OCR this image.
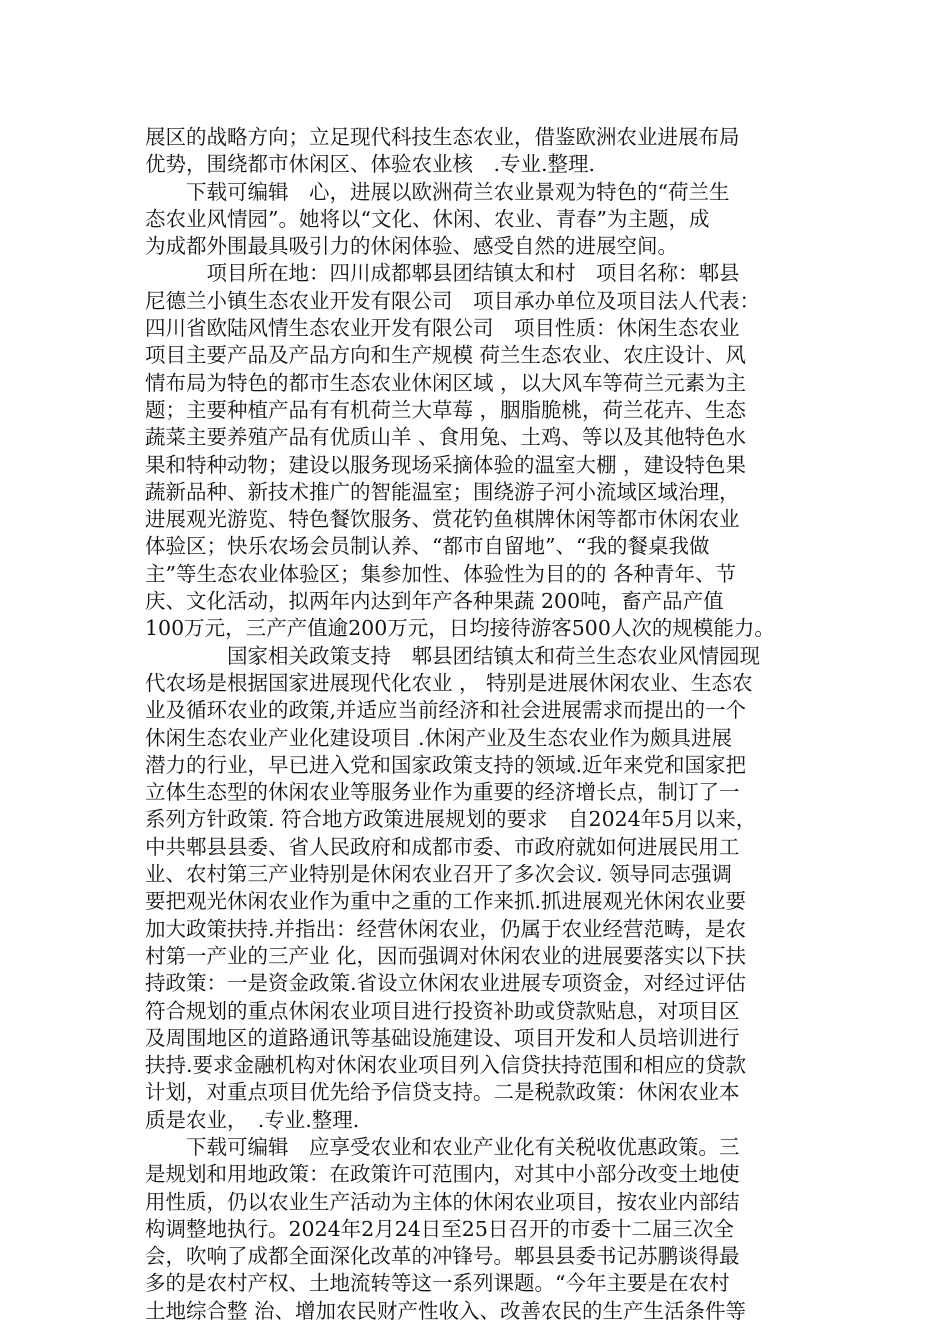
展区的战略方向；立足现代科技生态农业，借鉴欧洲农业进展布局
优势，围绕都市休闲区、体验农业核　.专业.整理.
　　下载可编辑　心，进展以欧洲荷兰农业景观为特色的“荷兰生
态农业风情园”。她将以“文化、休闲、农业、青春”为主题，成
为成都外围最具吸引力的休闲体验、感受自然的进展空间。
　　　项目所在地：四川成都郫县团结镇太和村　项目名称：郫县
尼德兰小镇生态农业开发有限公司　项目承办单位及项目法人代表：
四川省欧陆风情生态农业开发有限公司　项目性质：休闲生态农业
项目主要产品及产品方向和生产规模 荷兰生态农业、农庄设计、风
情布局为特色的都市生态农业休闲区域 ，以大风车等荷兰元素为主
题；主要种植产品有有机荷兰大草莓 ，胭脂脆桃，荷兰花卉、生态
蔬菜主要养殖产品有优质山羊 、食用兔、土鸡、等以及其他特色水
果和特种动物；建设以服务现场采摘体验的温室大棚 ，建设特色果
蔬新品种、新技术推广的智能温室；围绕游子河小流域区域治理，
进展观光游览、特色餐饮服务、赏花钓鱼棋牌休闲等都市休闲农业
体验区；快乐农场会员制认养、“都市自留地”、“我的餐桌我做
主”等生态农业体验区；集参加性、体验性为目的的 各种青年、节
庆、文化活动，拟两年内达到年产各种果蔬 200吨，畜产品产值
100万元，三产产值逾200万元，日均接待游客500人次的规模能力。
　　　　国家相关政策支持　郫县团结镇太和荷兰生态农业风情园现
代农场是根据国家进展现代化农业 ， 特别是进展休闲农业、生态农
业及循环农业的政策,并适应当前经济和社会进展需求而提出的一个
休闲生态农业产业化建设项目 .休闲产业及生态农业作为颇具进展
潜力的行业，早已进入党和国家政策支持的领域.近年来党和国家把
立体生态型的休闲农业等服务业作为重要的经济增长点，制订了一
系列方针政策. 符合地方政策进展规划的要求　自2024年5月以来，
中共郫县县委、省人民政府和成都市委、市政府就如何进展民用工
业、农村第三产业特别是休闲农业召开了多次会议. 领导同志强调
要把观光休闲农业作为重中之重的工作来抓.抓进展观光休闲农业要
加大政策扶持.并指出：经营休闲农业，仍属于农业经营范畴，是农
村第一产业的三产业 化，因而强调对休闲农业的进展要落实以下扶
持政策：一是资金政策.省设立休闲农业进展专项资金，对经过评估
符合规划的重点休闲农业项目进行投资补助或贷款贴息，对项目区
及周围地区的道路通讯等基础设施建设、项目开发和人员培训进行
扶持.要求金融机构对休闲农业项目列入信贷扶持范围和相应的贷款
计划，对重点项目优先给予信贷支持。二是税款政策：休闲农业本
质是农业，　.专业.整理.
　　下载可编辑　应享受农业和农业产业化有关税收优惠政策。三
是规划和用地政策：在政策许可范围内，对其中小部分改变土地使
用性质，仍以农业生产活动为主体的休闲农业项目，按农业内部结
构调整地执行。2024年2月24日至25日召开的市委十二届三次全
会，吹响了成都全面深化改革的冲锋号。郫县县委书记苏鹏谈得最
多的是农村产权、土地流转等这一系列课题。“今年主要是在农村
土地综合整 治、增加农民财产性收入、改善农民的生产生活条件等
